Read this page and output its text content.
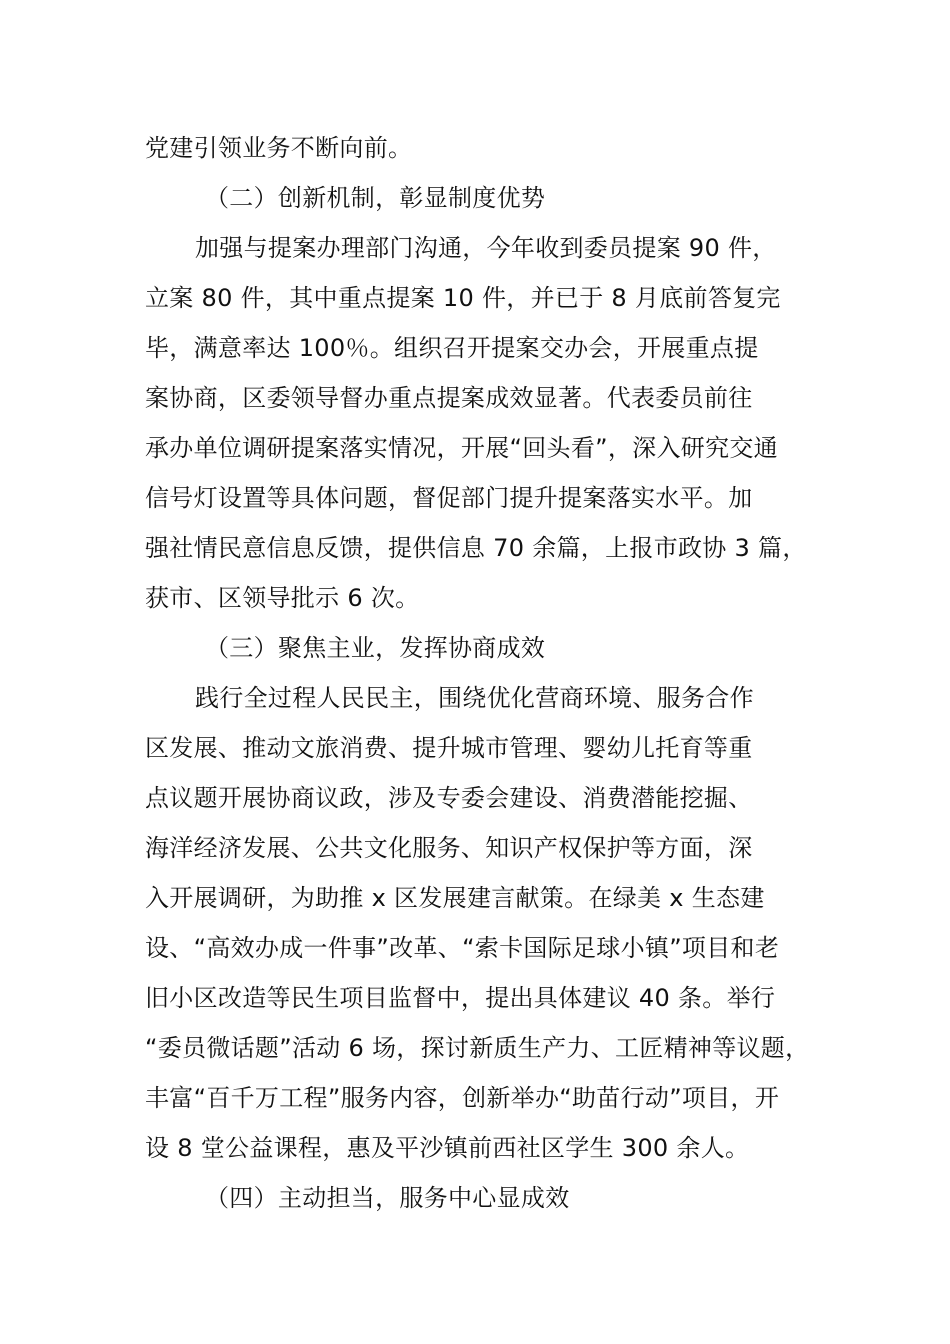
党建引领业务不断向前。
（二）创新机制，彰显制度优势
加强与提案办理部门沟通，今年收到委员提案 90 件，
立案 80 件，其中重点提案 10 件，并已于 8 月底前答复完
毕，满意率达 100％。组织召开提案交办会，开展重点提
案协商，区委领导督办重点提案成效显著。代表委员前往
承办单位调研提案落实情况，开展“回头看”，深入研究交通
信号灯设置等具体问题，督促部门提升提案落实水平。加
强社情民意信息反馈，提供信息 70 余篇，上报市政协 3 篇，
获市、区领导批示 6 次。
（三）聚焦主业，发挥协商成效
践行全过程人民民主，围绕优化营商环境、服务合作
区发展、推动文旅消费、提升城市管理、婴幼儿托育等重
点议题开展协商议政，涉及专委会建设、消费潜能挖掘、
海洋经济发展、公共文化服务、知识产权保护等方面，深
入开展调研，为助推 x 区发展建言献策。在绿美 x 生态建
设、“高效办成一件事”改革、“索卡国际足球小镇”项目和老
旧小区改造等民生项目监督中，提出具体建议 40 条。举行
“委员微话题”活动 6 场，探讨新质生产力、工匠精神等议题，
丰富“百千万工程”服务内容，创新举办“助苗行动”项目，开
设 8 堂公益课程，惠及平沙镇前西社区学生 300 余人。
（四）主动担当，服务中心显成效
